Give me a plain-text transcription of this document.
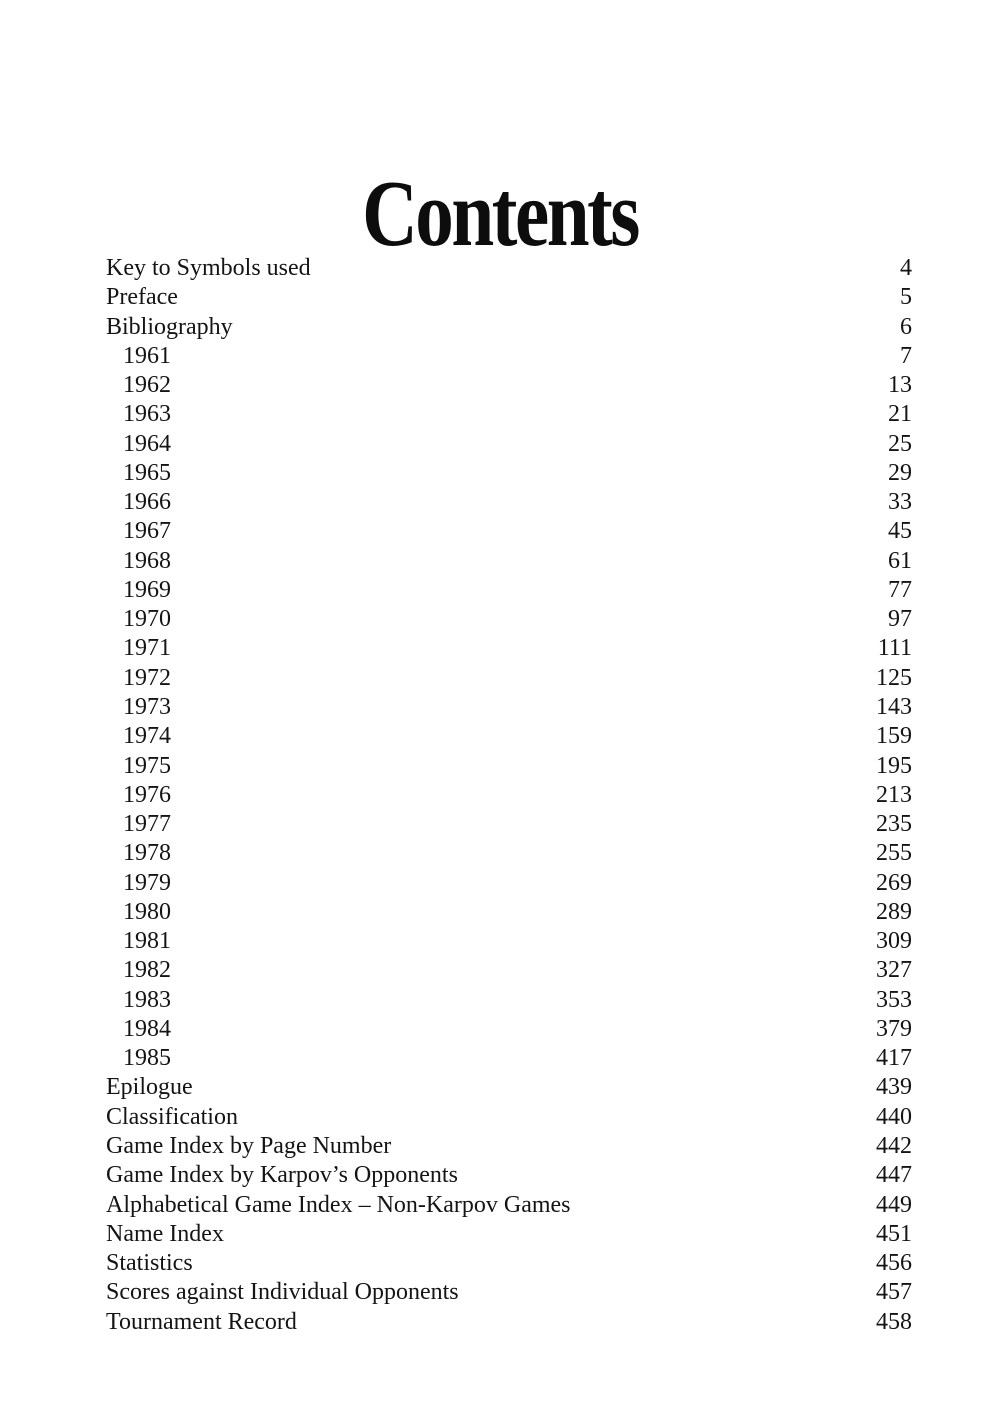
Contents
Key to Symbols used	4
Preface	5
Bibliography	6
1961	7
1962	13
1963	21
1964	25
1965	29
1966	33
1967	45
1968	61
1969	77
1970	97
1971	111
1972	125
1973	143
1974	159
1975	195
1976	213
1977	235
1978	255
1979	269
1980	289
1981	309
1982	327
1983	353
1984	379
1985	417
Epilogue	439
Classification	440
Game Index by Page Number	442
Game Index by Karpov’s Opponents	447
Alphabetical Game Index – Non-Karpov Games	449
Name Index	451
Statistics	456
Scores against Individual Opponents	457
Tournament Record	458
